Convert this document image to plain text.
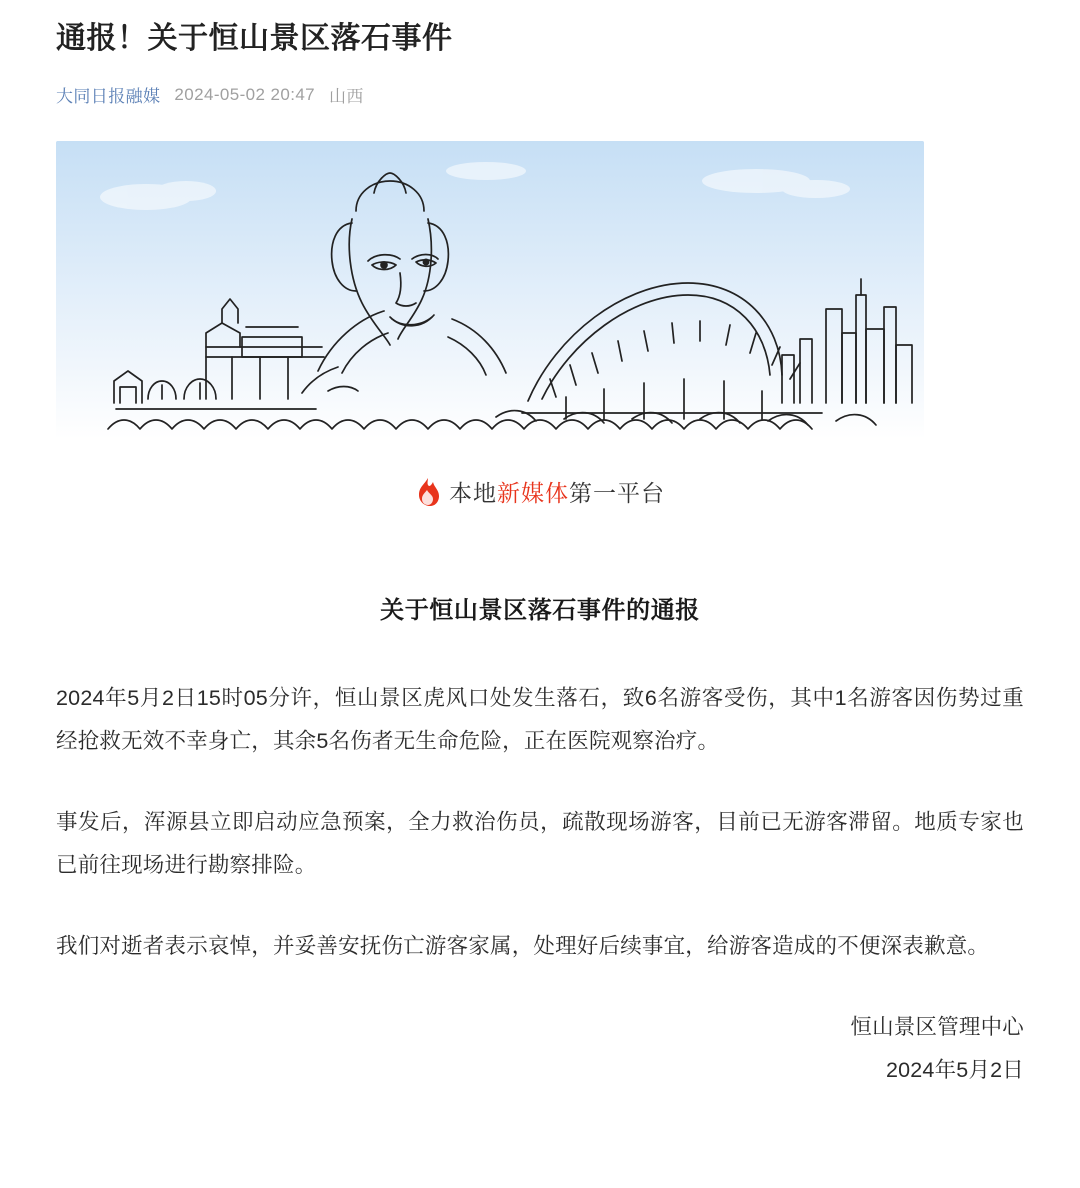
通报！关于恒山景区落石事件
大同日报融媒 2024-05-02 20:47 山西
本地新媒体第一平台
关于恒山景区落石事件的通报

2024年5月2日15时05分许，恒山景区虎风口处发生落石，致6名游客受伤，其中1名游客因伤势过重经抢救无效不幸身亡，其余5名伤者无生命危险，正在医院观察治疗。

事发后，浑源县立即启动应急预案，全力救治伤员，疏散现场游客，目前已无游客滞留。地质专家也已前往现场进行勘察排险。

我们对逝者表示哀悼，并妥善安抚伤亡游客家属，处理好后续事宜，给游客造成的不便深表歉意。

恒山景区管理中心
2024年5月2日
